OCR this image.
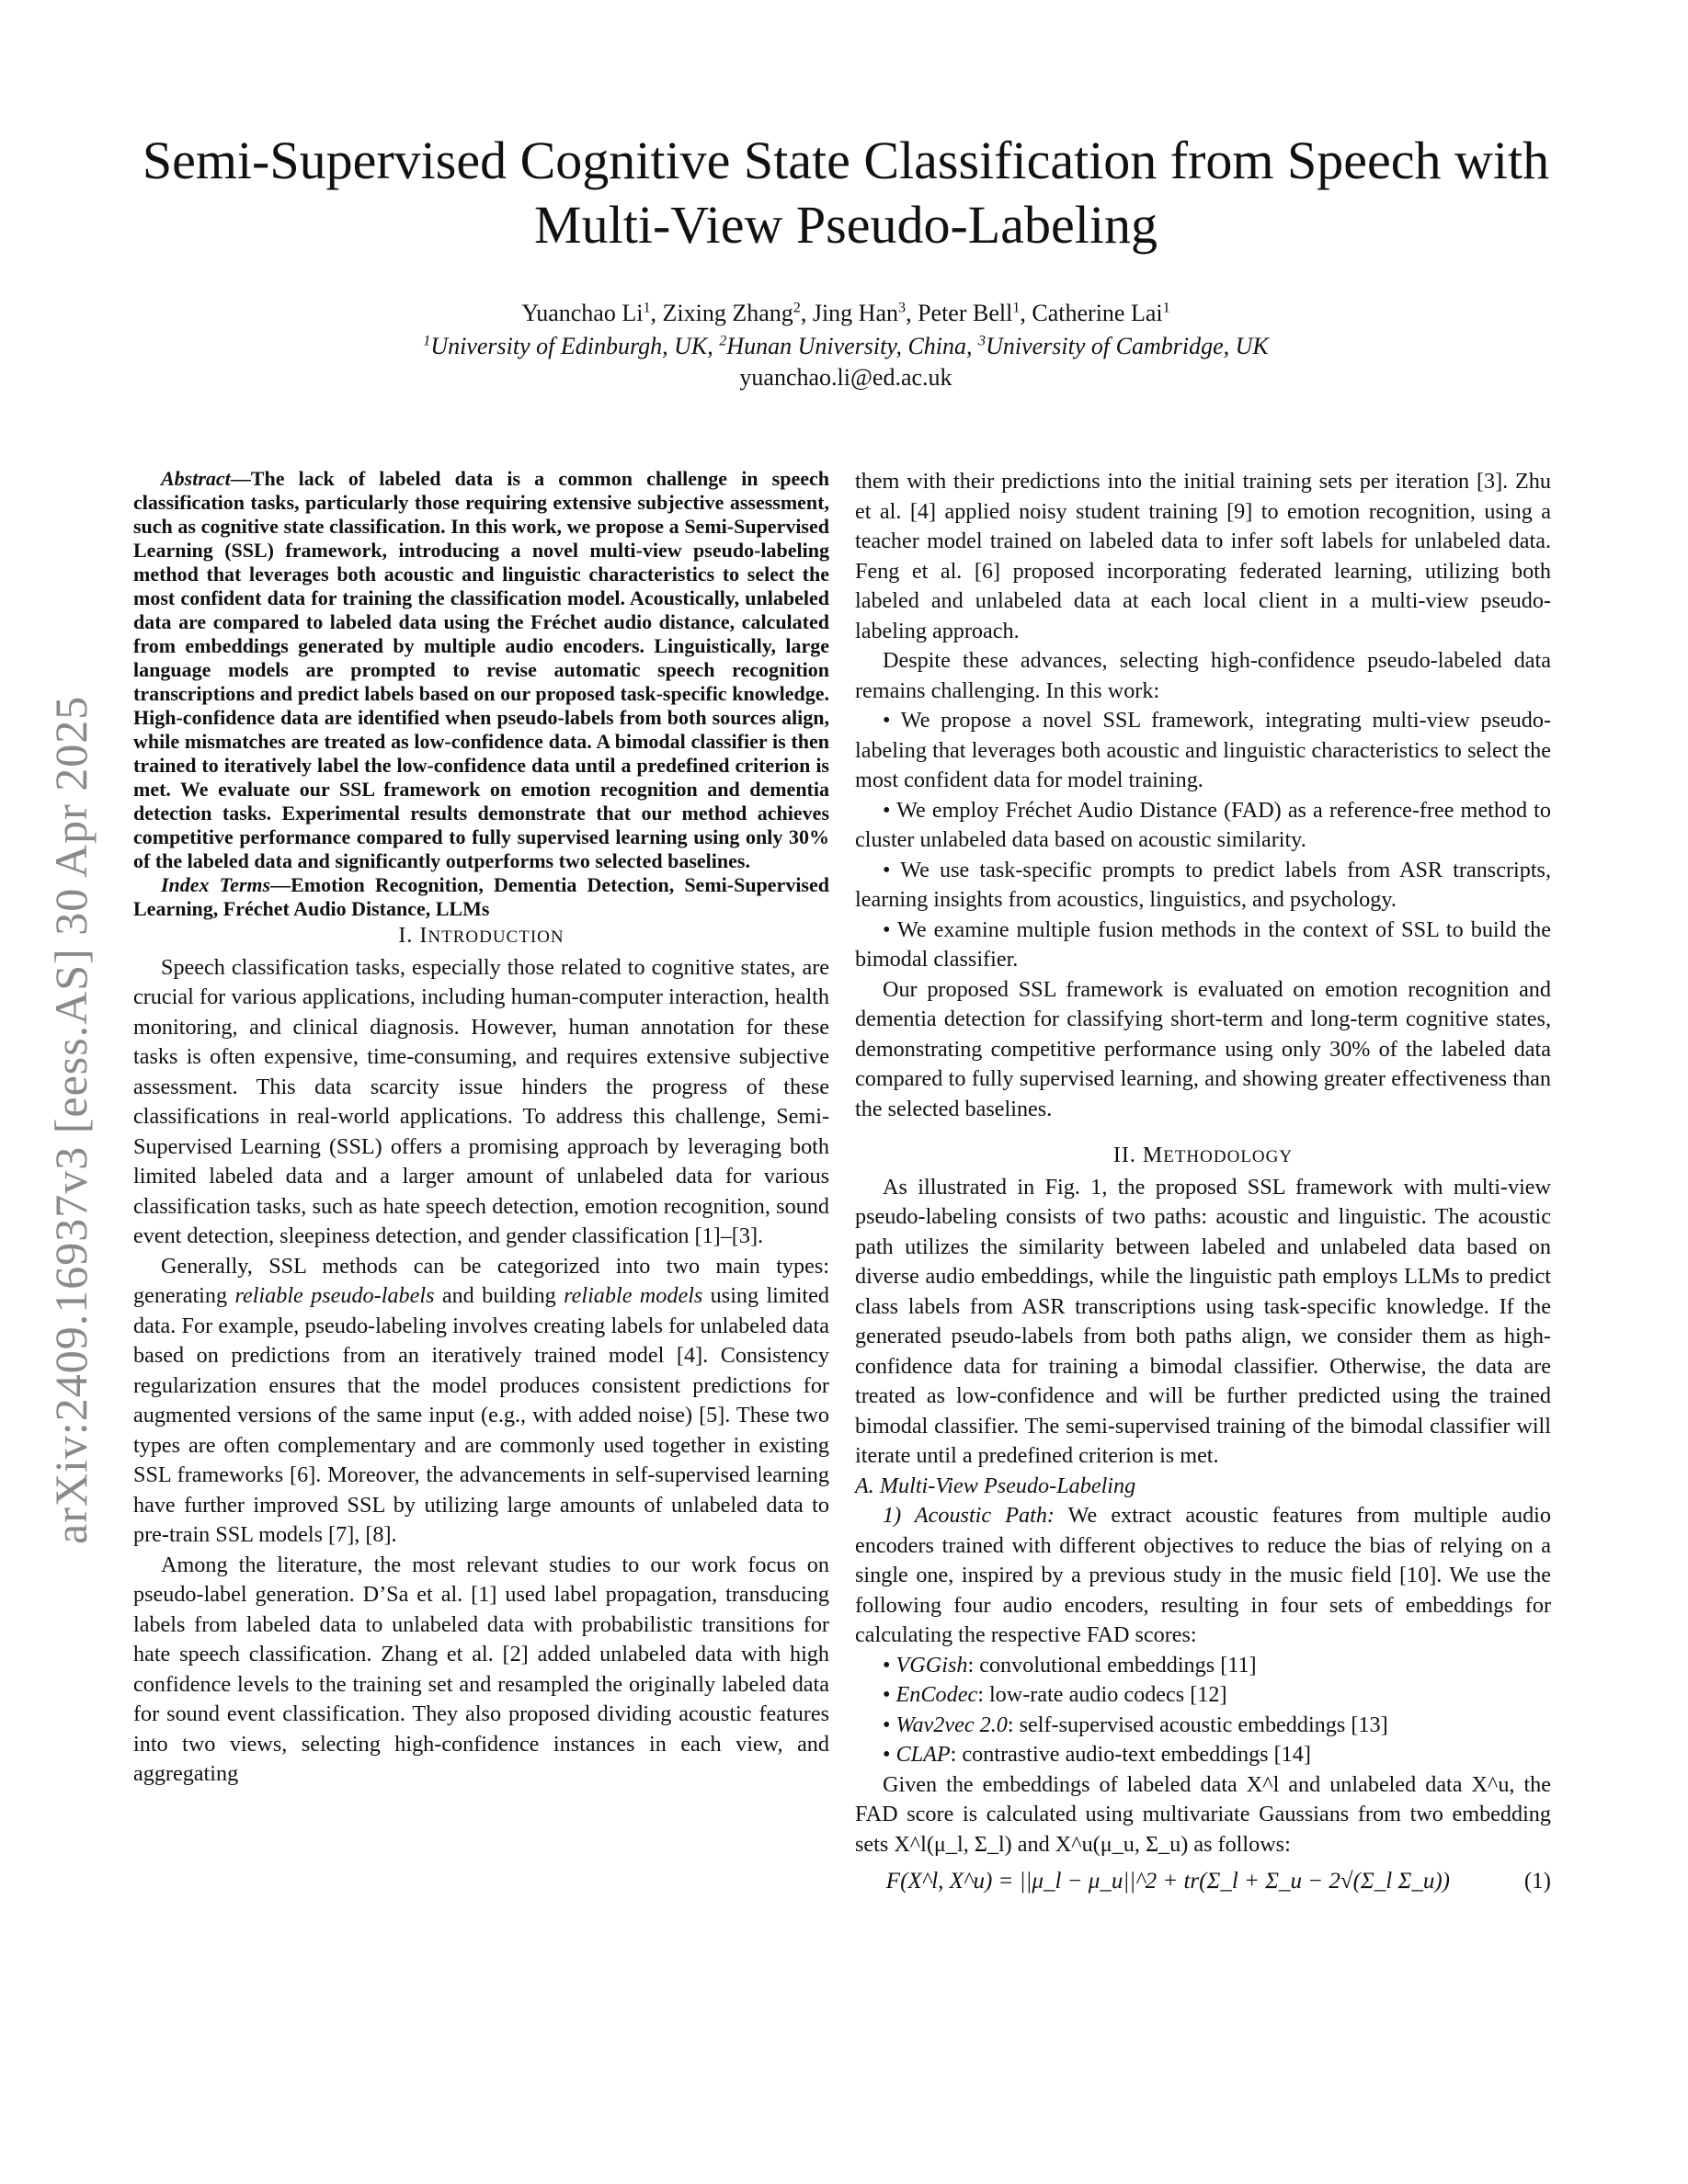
arXiv:2409.16937v3 [eess.AS] 30 Apr 2025
Semi-Supervised Cognitive State Classification from Speech with Multi-View Pseudo-Labeling
Yuanchao Li$^1$, Zixing Zhang$^2$, Jing Han$^3$, Peter Bell$^1$, Catherine Lai$^1$
$^1$University of Edinburgh, UK, $^2$Hunan University, China, $^3$University of Cambridge, UK
yuanchao.li@ed.ac.uk

Abstract—The lack of labeled data is a common challenge in speech classification tasks, particularly those requiring extensive subjective assessment, such as cognitive state classification. In this work, we propose a Semi-Supervised Learning (SSL) framework, introducing a novel multi-view pseudo-labeling method that leverages both acoustic and linguistic characteristics to select the most confident data for training the classification model. Acoustically, unlabeled data are compared to labeled data using the Fréchet audio distance, calculated from embeddings generated by multiple audio encoders. Linguistically, large language models are prompted to revise automatic speech recognition transcriptions and predict labels based on our proposed task-specific knowledge. High-confidence data are identified when pseudo-labels from both sources align, while mismatches are treated as low-confidence data. A bimodal classifier is then trained to iteratively label the low-confidence data until a predefined criterion is met. We evaluate our SSL framework on emotion recognition and dementia detection tasks. Experimental results demonstrate that our method achieves competitive performance compared to fully supervised learning using only 30% of the labeled data and significantly outperforms two selected baselines.

Index Terms—Emotion Recognition, Dementia Detection, Semi-Supervised Learning, Fréchet Audio Distance, LLMs

I. INTRODUCTION

Speech classification tasks, especially those related to cognitive states, are crucial for various applications, including human-computer interaction, health monitoring, and clinical diagnosis. However, human annotation for these tasks is often expensive, time-consuming, and requires extensive subjective assessment. This data scarcity issue hinders the progress of these classifications in real-world applications. To address this challenge, Semi-Supervised Learning (SSL) offers a promising approach by leveraging both limited labeled data and a larger amount of unlabeled data for various classification tasks, such as hate speech detection, emotion recognition, sound event detection, sleepiness detection, and gender classification [1]–[3].

Generally, SSL methods can be categorized into two main types: generating reliable pseudo-labels and building reliable models using limited data. For example, pseudo-labeling involves creating labels for unlabeled data based on predictions from an iteratively trained model [4]. Consistency regularization ensures that the model produces consistent predictions for augmented versions of the same input (e.g., with added noise) [5]. These two types are often complementary and are commonly used together in existing SSL frameworks [6]. Moreover, the advancements in self-supervised learning have further improved SSL by utilizing large amounts of unlabeled data to pre-train SSL models [7], [8].

Among the literature, the most relevant studies to our work focus on pseudo-label generation. D’Sa et al. [1] used label propagation, transducing labels from labeled data to unlabeled data with probabilistic transitions for hate speech classification. Zhang et al. [2] added unlabeled data with high confidence levels to the training set and resampled the originally labeled data for sound event classification. They also proposed dividing acoustic features into two views, selecting high-confidence instances in each view, and aggregating

them with their predictions into the initial training sets per iteration [3]. Zhu et al. [4] applied noisy student training [9] to emotion recognition, using a teacher model trained on labeled data to infer soft labels for unlabeled data. Feng et al. [6] proposed incorporating federated learning, utilizing both labeled and unlabeled data at each local client in a multi-view pseudo-labeling approach.

Despite these advances, selecting high-confidence pseudo-labeled data remains challenging. In this work:

• We propose a novel SSL framework, integrating multi-view pseudo-labeling that leverages both acoustic and linguistic characteristics to select the most confident data for model training.

• We employ Fréchet Audio Distance (FAD) as a reference-free method to cluster unlabeled data based on acoustic similarity.

• We use task-specific prompts to predict labels from ASR transcripts, learning insights from acoustics, linguistics, and psychology.

• We examine multiple fusion methods in the context of SSL to build the bimodal classifier.

Our proposed SSL framework is evaluated on emotion recognition and dementia detection for classifying short-term and long-term cognitive states, demonstrating competitive performance using only 30% of the labeled data compared to fully supervised learning, and showing greater effectiveness than the selected baselines.

II. METHODOLOGY

As illustrated in Fig. 1, the proposed SSL framework with multi-view pseudo-labeling consists of two paths: acoustic and linguistic. The acoustic path utilizes the similarity between labeled and unlabeled data based on diverse audio embeddings, while the linguistic path employs LLMs to predict class labels from ASR transcriptions using task-specific knowledge. If the generated pseudo-labels from both paths align, we consider them as high-confidence data for training a bimodal classifier. Otherwise, the data are treated as low-confidence and will be further predicted using the trained bimodal classifier. The semi-supervised training of the bimodal classifier will iterate until a predefined criterion is met.

A. Multi-View Pseudo-Labeling

1) Acoustic Path: We extract acoustic features from multiple audio encoders trained with different objectives to reduce the bias of relying on a single one, inspired by a previous study in the music field [10]. We use the following four audio encoders, resulting in four sets of embeddings for calculating the respective FAD scores:

• VGGish: convolutional embeddings [11]

• EnCodec: low-rate audio codecs [12]

• Wav2vec 2.0: self-supervised acoustic embeddings [13]

• CLAP: contrastive audio-text embeddings [14]

Given the embeddings of labeled data X^l and unlabeled data X^u, the FAD score is calculated using multivariate Gaussians from two embedding sets X^l(μ_l, Σ_l) and X^u(μ_u, Σ_u) as follows:

F(X^l, X^u) = ||μ_l − μ_u||^2 + tr(Σ_l + Σ_u − 2√(Σ_l Σ_u))	(1)
